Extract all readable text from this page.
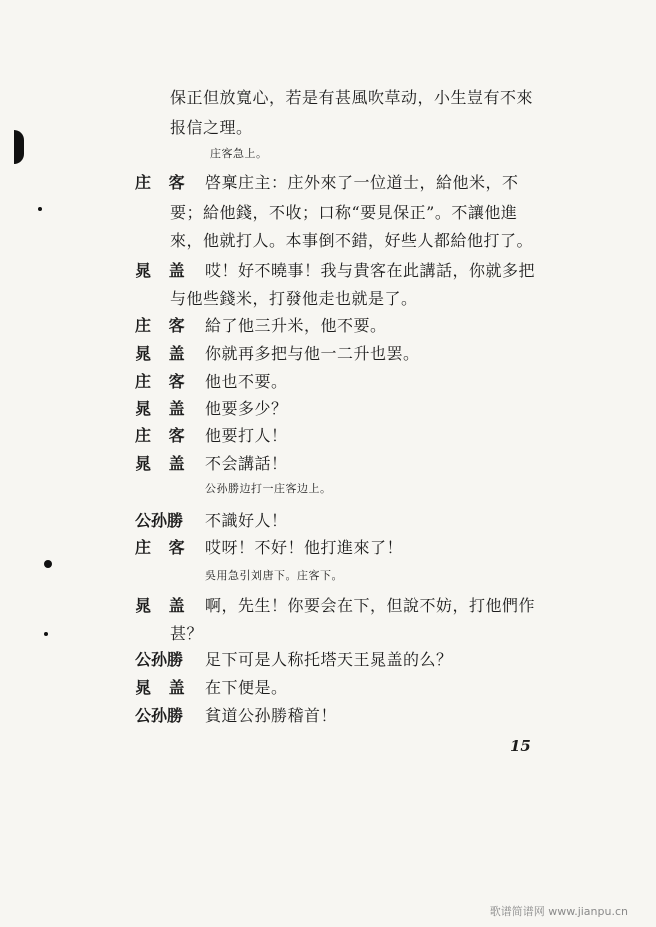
保正但放寬心，若是有甚風吹草动，小生豈有不來
报信之理。
庄客急上。
庄 客 啓稟庄主：庄外來了一位道士，給他米，不
要；給他錢，不收；口称“要見保正”。不讓他進
來，他就打人。本事倒不錯，好些人都給他打了。
晁 盖 哎！好不曉事！我与貴客在此講話，你就多把
与他些錢米，打發他走也就是了。
庄 客 給了他三升米，他不要。
晁 盖 你就再多把与他一二升也罢。
庄 客 他也不要。
晁 盖 他要多少？
庄 客 他要打人！
晁 盖 不会講話！
公孙勝边打一庄客边上。
公孙勝 不識好人！
庄 客 哎呀！不好！他打進來了！
吳用急引刘唐下。庄客下。
晁 盖 啊，先生！你要会在下，但說不妨，打他們作
甚？
公孙勝 足下可是人称托塔天王晁盖的么？
晁 盖 在下便是。
公孙勝 貧道公孙勝稽首！
15
歌谱简谱网 www.jianpu.cn
